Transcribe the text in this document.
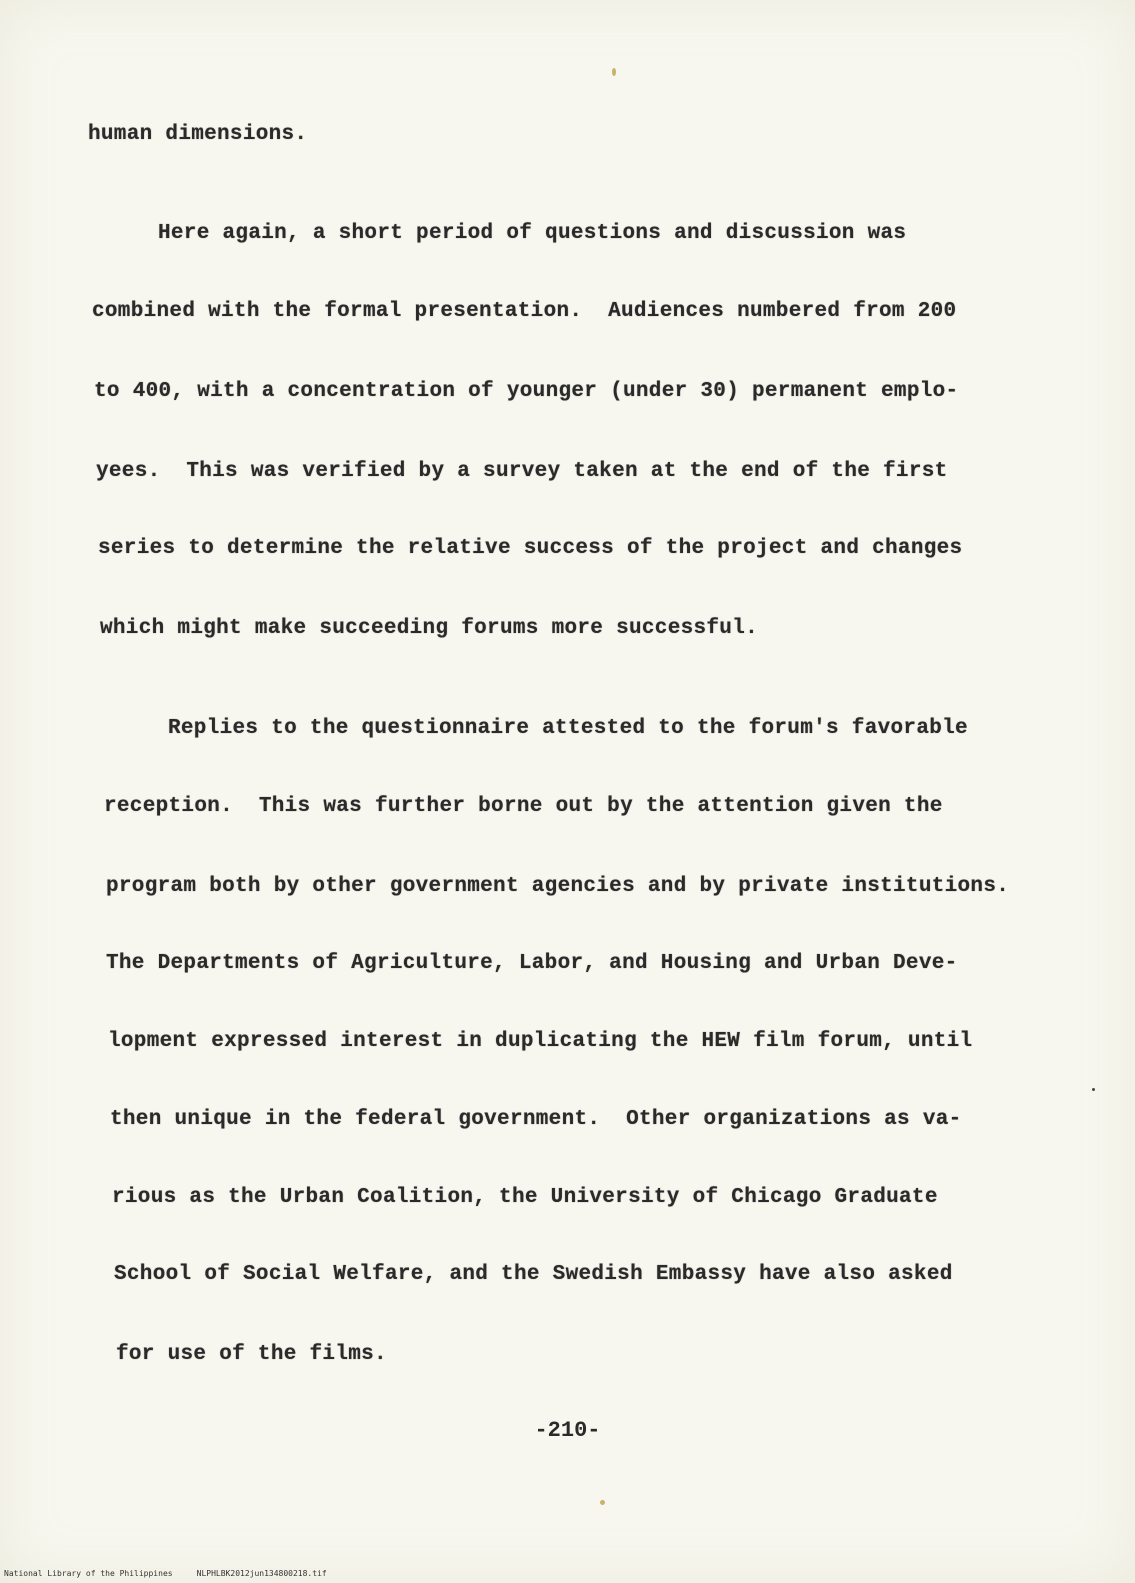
human dimensions.
Here again, a short period of questions and discussion was
combined with the formal presentation.  Audiences numbered from 200
to 400, with a concentration of younger (under 30) permanent emplo-
yees.  This was verified by a survey taken at the end of the first
series to determine the relative success of the project and changes
which might make succeeding forums more successful.
Replies to the questionnaire attested to the forum's favorable
reception.  This was further borne out by the attention given the
program both by other government agencies and by private institutions.
The Departments of Agriculture, Labor, and Housing and Urban Deve-
lopment expressed interest in duplicating the HEW film forum, until
then unique in the federal government.  Other organizations as va-
rious as the Urban Coalition, the University of Chicago Graduate
School of Social Welfare, and the Swedish Embassy have also asked
for use of the films.
-210-
National Library of the Philippines     NLPHLBK2012jun134800218.tif
